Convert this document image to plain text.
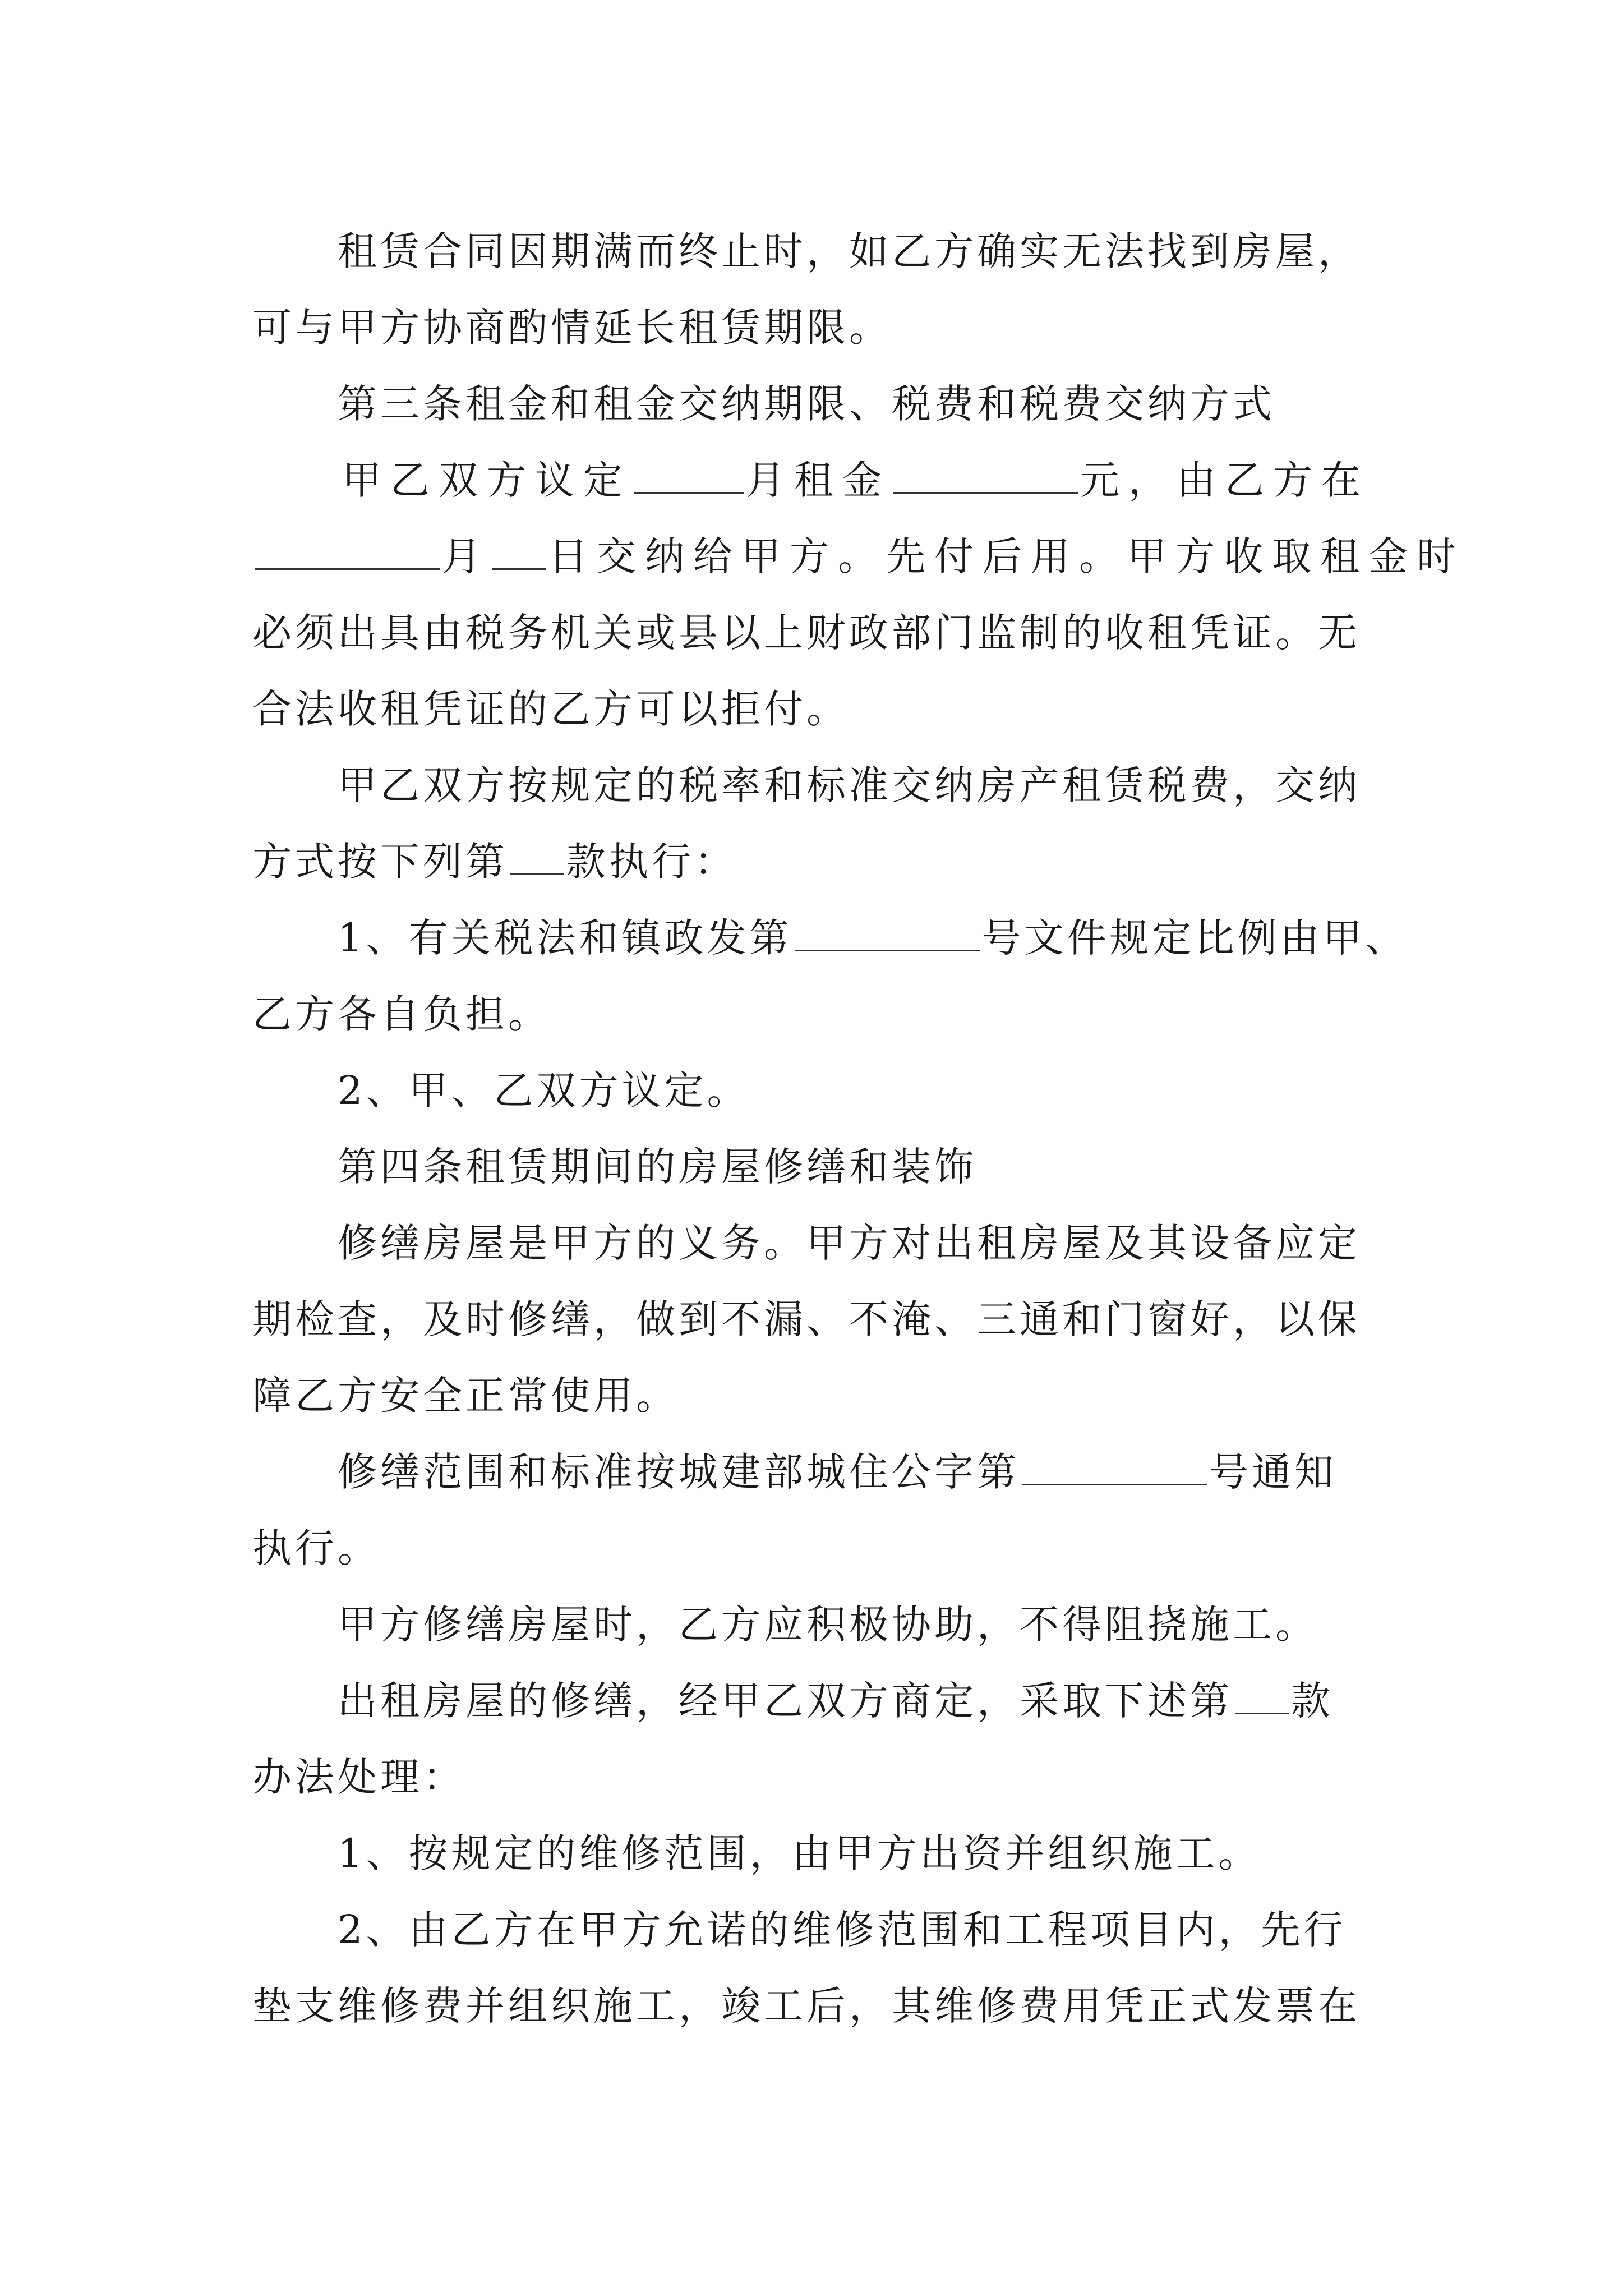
租赁合同因期满而终止时，如乙方确实无法找到房屋，
可与甲方协商酌情延长租赁期限。
第三条租金和租金交纳期限、税费和税费交纳方式
甲乙双方议定	月租金	元，由乙方在
月 日交纳给甲方。先付后用。甲方收取租金时
必须出具由税务机关或县以上财政部门监制的收租凭证。无
合法收租凭证的乙方可以拒付。
甲乙双方按规定的税率和标准交纳房产租赁税费，交纳
方式按下列第 款执行：
1、有关税法和镇政发第	号文件规定比例由甲、
乙方各自负担。
2、甲、乙双方议定。
第四条租赁期间的房屋修缮和装饰
修缮房屋是甲方的义务。甲方对出租房屋及其设备应定
期检查，及时修缮，做到不漏、不淹、三通和门窗好，以保
障乙方安全正常使用。
修缮范围和标准按城建部城住公字第	号通知
执行。
甲方修缮房屋时，乙方应积极协助，不得阻挠施工。
出租房屋的修缮，经甲乙双方商定，采取下述第 款
办法处理：
1、按规定的维修范围，由甲方出资并组织施工。
2、由乙方在甲方允诺的维修范围和工程项目内，先行
垫支维修费并组织施工，竣工后，其维修费用凭正式发票在
